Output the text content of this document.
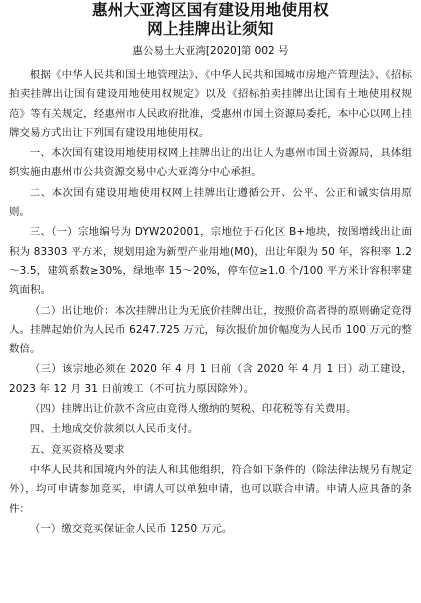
惠州大亚湾区国有建设用地使用权
网上挂牌出让须知
惠公易土大亚湾[2020]第 002 号

根据《中华人民共和国土地管理法》、《中华人民共和国城市房地产管理法》、《招标拍卖挂牌出让国有建设用地使用权规定》以及《招标拍卖挂牌出让国有土地使用权规范》等有关规定，经惠州市人民政府批准，受惠州市国土资源局委托，本中心以网上挂牌交易方式出让下列国有建设用地使用权。

一、本次国有建设用地使用权网上挂牌出让的出让人为惠州市国土资源局，具体组织实施由惠州市公共资源交易中心大亚湾分中心承担。

二、本次国有建设用地使用权网上挂牌出让遵循公开、公平、公正和诚实信用原则。

三、（一）宗地编号为 DYW202001，宗地位于石化区 B+地块，按图增线出让面积为 83303 平方米，规划用途为新型产业用地(M0)，出让年限为 50 年，容积率 1.2～3.5，建筑系数≥30%，绿地率 15～20%，停车位≥1.0 个/100 平方米计容积率建筑面积。

（二）出让地价：本次挂牌出让为无底价挂牌出让，按照价高者得的原则确定竞得人。挂牌起始价为人民币 6247.725 万元，每次报价加价幅度为人民币 100 万元的整数倍。

（三）该宗地必须在 2020 年 4 月 1 日前（含 2020 年 4 月 1 日）动工建设，2023 年 12 月 31 日前竣工（不可抗力原因除外）。

（四）挂牌出让价款不含应由竞得人缴纳的契税、印花税等有关费用。

四、土地成交价款须以人民币支付。

五、竞买资格及要求

中华人民共和国境内外的法人和其他组织，符合如下条件的（除法律法规另有规定外），均可申请参加竞买，申请人可以单独申请，也可以联合申请。申请人应具备的条件：

（一）缴交竞买保证金人民币 1250 万元。
